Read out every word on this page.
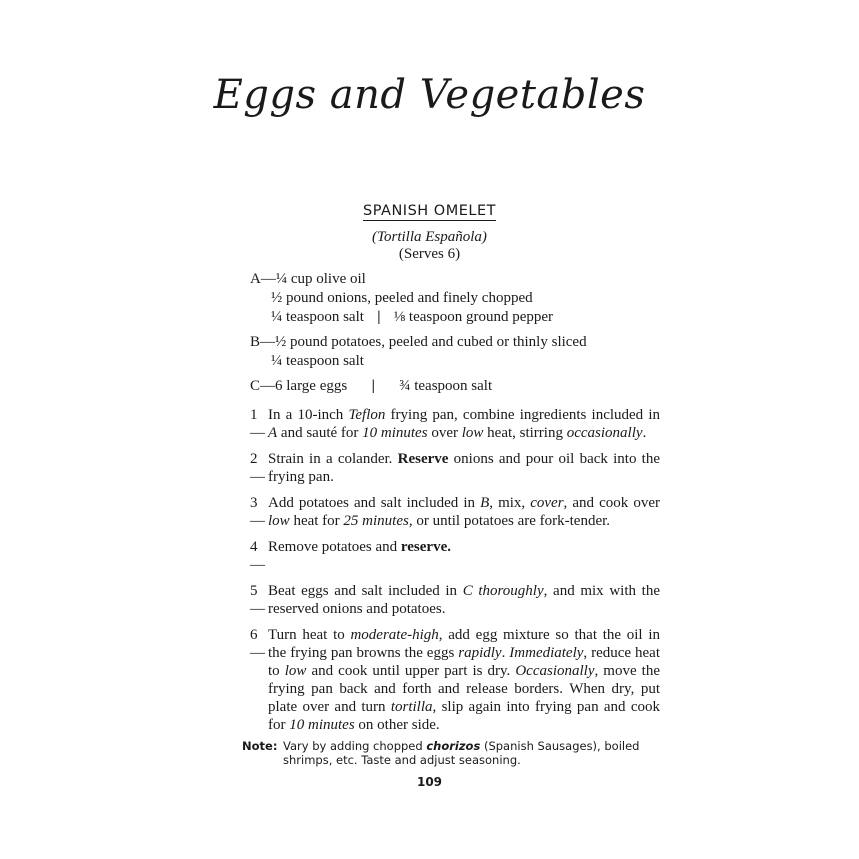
Eggs and Vegetables
SPANISH OMELET
(Tortilla Española)
(Serves 6)
A—¼ cup olive oil
½ pound onions, peeled and finely chopped
¼ teaspoon salt | ⅛ teaspoon ground pepper
B—½ pound potatoes, peeled and cubed or thinly sliced
¼ teaspoon salt
C—6 large eggs | ¾ teaspoon salt
1—
In a 10-inch Teflon frying pan, combine ingredients included in A and sauté for 10 minutes over low heat, stirring occasionally.
2—
Strain in a colander. Reserve onions and pour oil back into the frying pan.
3—
Add potatoes and salt included in B, mix, cover, and cook over low heat for 25 minutes, or until potatoes are fork-tender.
4—
Remove potatoes and reserve.
5—
Beat eggs and salt included in C thoroughly, and mix with the reserved onions and potatoes.
6—
Turn heat to moderate-high, add egg mixture so that the oil in the frying pan browns the eggs rapidly. Immediately, reduce heat to low and cook until upper part is dry. Occasionally, move the frying pan back and forth and release borders. When dry, put plate over and turn tortilla, slip again into frying pan and cook for 10 minutes on other side.
Note: Vary by adding chopped chorizos (Spanish Sausages), boiled
shrimps, etc. Taste and adjust seasoning.
109
